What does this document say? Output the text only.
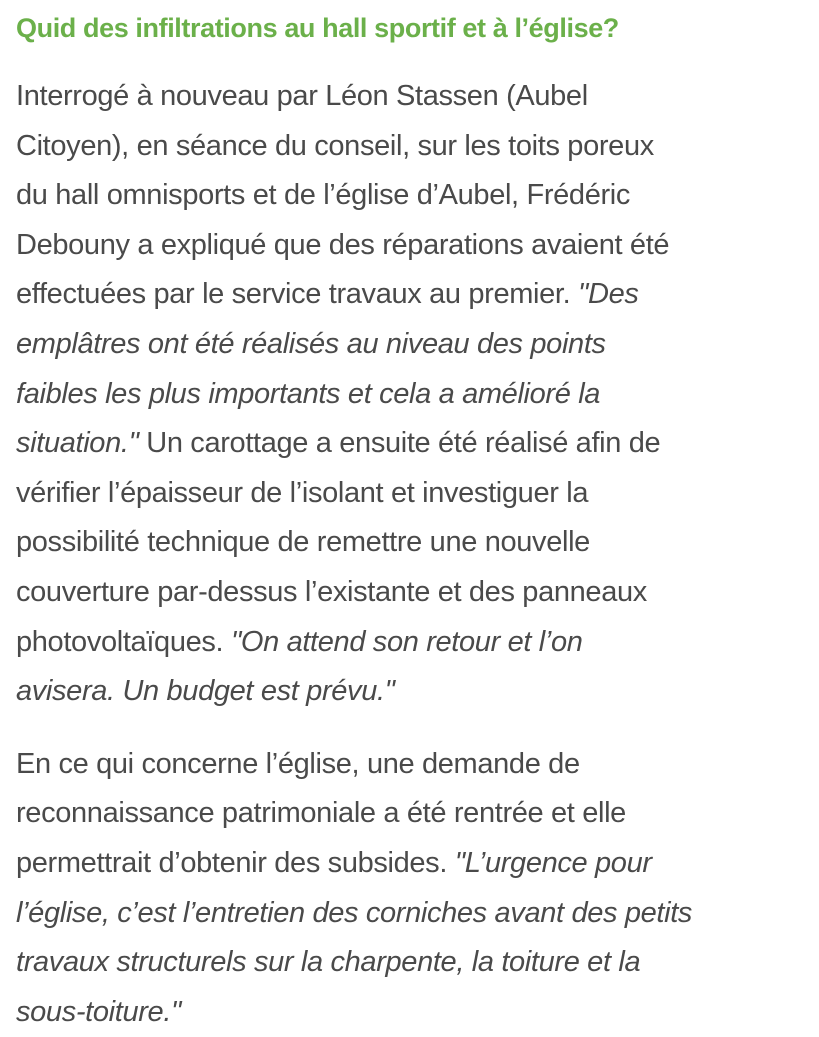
Quid des infiltrations au hall sportif et à l’église?

Interrogé à nouveau par Léon Stassen (Aubel
Citoyen), en séance du conseil, sur les toits poreux
du hall omnisports et de l’église d’Aubel, Frédéric
Debouny a expliqué que des réparations avaient été
effectuées par le service travaux au premier. "Des
emplâtres ont été réalisés au niveau des points
faibles les plus importants et cela a amélioré la
situation." Un carottage a ensuite été réalisé afin de
vérifier l’épaisseur de l’isolant et investiguer la
possibilité technique de remettre une nouvelle
couverture par-dessus l’existante et des panneaux
photovoltaïques. "On attend son retour et l’on
avisera. Un budget est prévu."

En ce qui concerne l’église, une demande de
reconnaissance patrimoniale a été rentrée et elle
permettrait d’obtenir des subsides. "L’urgence pour
l’église, c’est l’entretien des corniches avant des petits
travaux structurels sur la charpente, la toiture et la
sous-toiture."
